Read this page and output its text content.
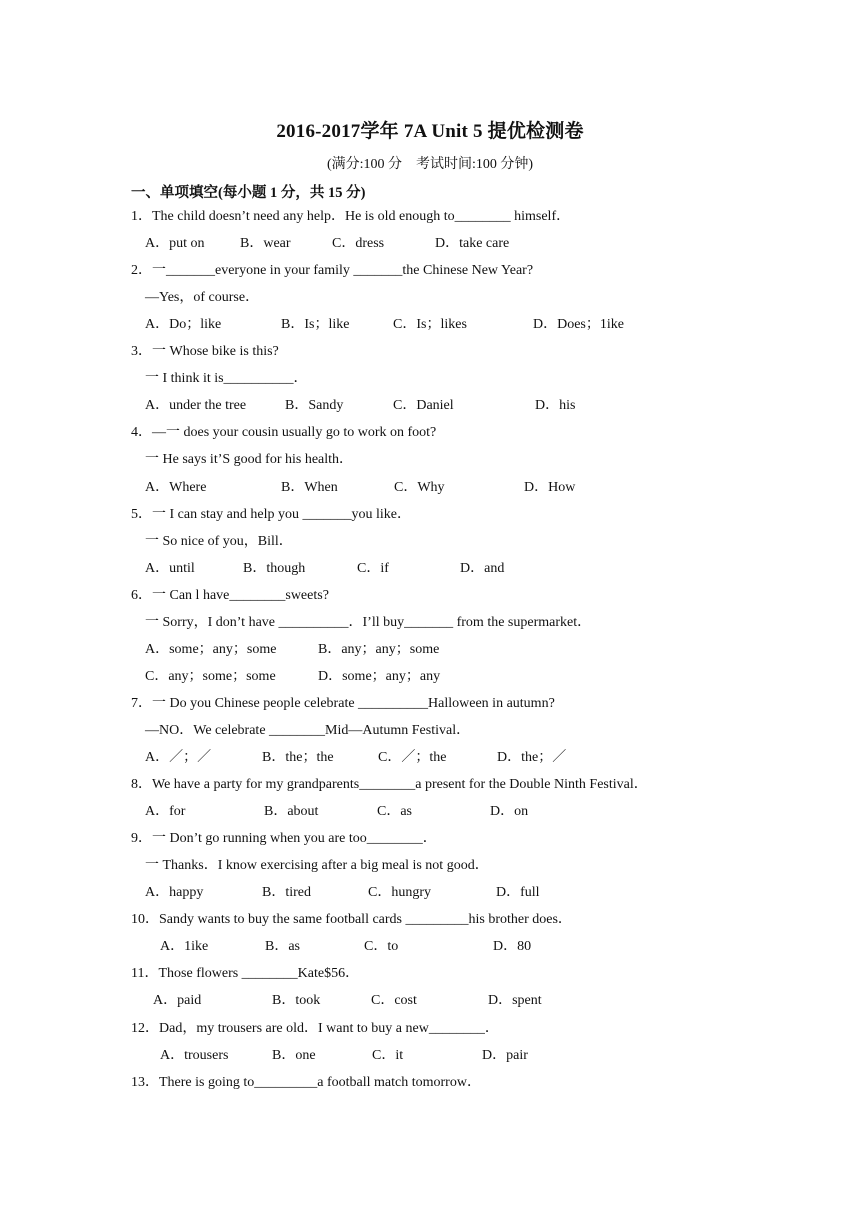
2016-2017学年 7A Unit 5 提优检测卷
(满分:100 分　考试时间:100 分钟)
一、单项填空(每小题 1 分，共 15 分)
1．The child doesn’t need any help．He is old enough to________ himself．
A．put on	B．wear	C．dress	D．take care
2．一_______everyone in your family _______the Chinese New Year?
—Yes，of course．
A．Do；like	B．Is；like	C．Is；likes	D．Does；1ike
3．一 Whose bike is this?
一 I think it is__________．
A．under the tree	B．Sandy	C．Daniel	D．his
4．—一 does your cousin usually go to work on foot?
一 He says it’S good for his health．
A．Where	B．When	C．Why	D．How
5．一 I can stay and help you _______you like．
一 So nice of you，Bill．
A．until	B．though	C．if	D．and
6．一 Can l have________sweets?
一 Sorry，I don’t have __________．I’ll buy_______ from the supermarket．
A．some；any；some	B．any；any；some
C．any；some；some	D．some；any；any
7．一 Do you Chinese people celebrate __________Halloween in autumn?
—NO．We celebrate ________Mid—Autumn Festival．
A．／；／	B．the；the	C．／；the	D．the；／
8．We have a party for my grandparents________a present for the Double Ninth Festival．
A．for	B．about	C．as	D．on
9．一 Don’t go running when you are too________．
一 Thanks．I know exercising after a big meal is not good．
A．happy	B．tired	C．hungry	D．full
10．Sandy wants to buy the same football cards _________his brother does．
A．1ike	B．as	C．to	D．80
11．Those flowers ________Kate$56．
A．paid	B．took	C．cost	D．spent
12．Dad，my trousers are old．I want to buy a new________．
A．trousers	B．one	C．it	D．pair
13．There is going to_________a football match tomorrow．
